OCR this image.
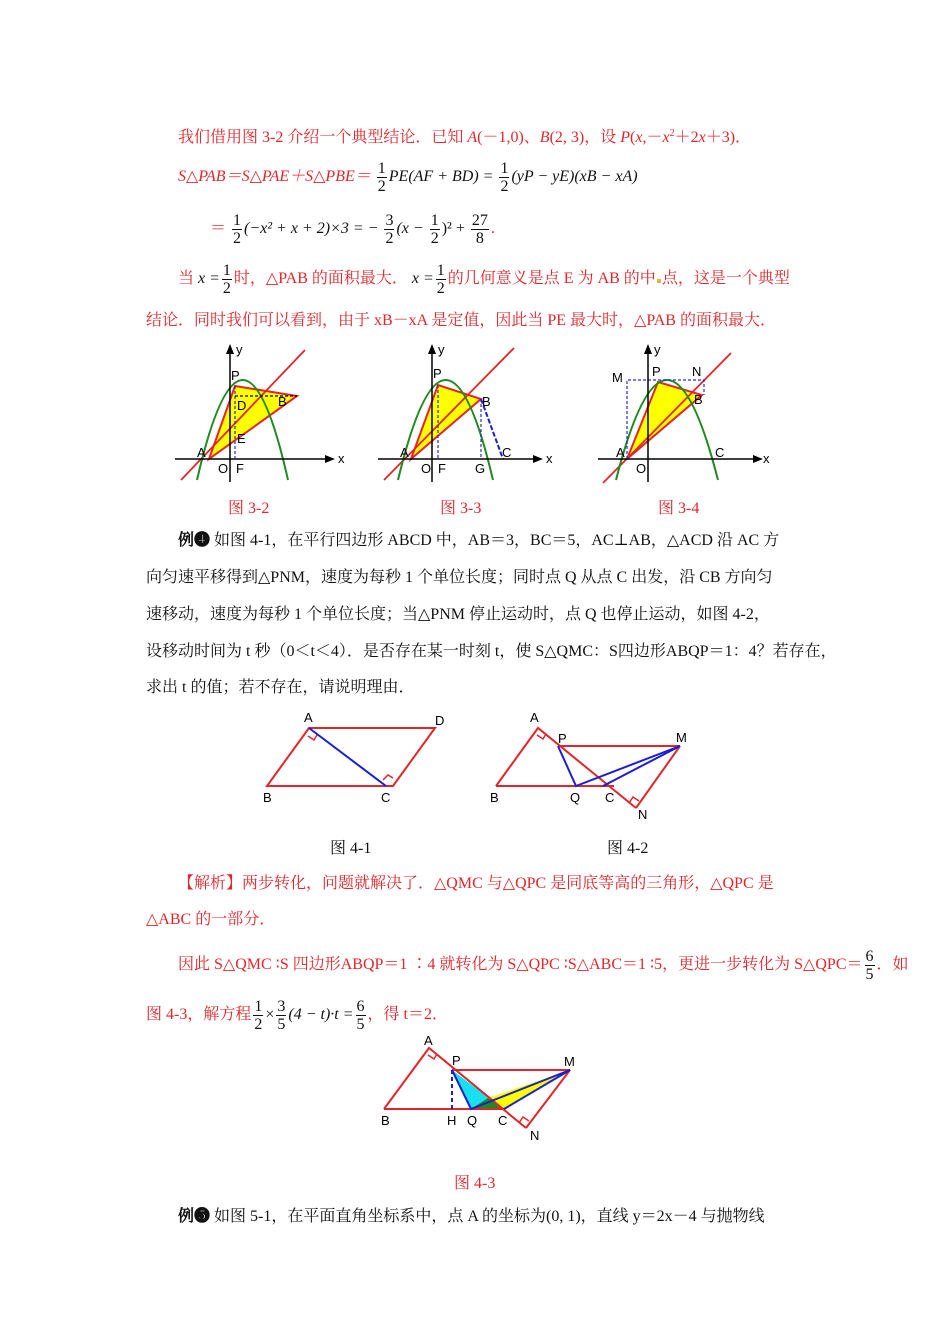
我们借用图 3-2 介绍一个典型结论．已知 A(－1,0)、B(2, 3)，设 $P(x,-x^2+2x+3)$．
S△PAB＝S△PAE＋S△PBE＝ $\frac{1}{2} PE(AF + BD) = \frac{1}{2} (yP - yE)(xB - xA)$
＝ $\frac{1}{2} (-x^2 + x + 2)\times 3$ = − $\frac{3}{2} (x - \frac{1}{2} )^2 + \frac{27}{8}$ .
当 $x = \frac{1}{2}$ 时，△PAB 的面积最大． $x = \frac{1}{2}$ 的几何意义是点 E 为 AB 的中 点，这是一个典型
结论．同时我们可以看到，由于 xB－xA 是定值，因此当 PE 最大时，△PAB 的面积最大．
y
P
D B
E
A
O F
x
图 3-2
y
P
B
A
O F G
C	x
图 3-3
y
M P N
B
A
O
C	x
图 3-4
例❹ 如图 4-1，在平行四边形 ABCD 中，AB＝3，BC＝5，AC⊥AB，△ACD 沿 AC 方
向匀速平移得到△PNM，速度为每秒 1 个单位长度；同时点 Q 从点 C 出发，沿 CB 方向匀
速移动，速度为每秒 1 个单位长度；当△PNM 停止运动时，点 Q 也停止运动，如图 4-2，
设移动时间为 t 秒（0＜t＜4）．是否存在某一时刻 t，使 S△QMC：S四边形ABQP＝1：4？若存在，
求出 t 的值；若不存在，请说明理由．
A	D
B	C
图 4-1
A
P	M
B	Q C
N
图 4-2
【解析】两步转化，问题就解决了．△QMC 与△QPC 是同底等高的三角形，△QPC 是
△ABC 的一部分．
因此 S△QMC ∶S 四边形ABQP＝1 ∶4 就转化为 S△QPC ∶S△ABC＝1 ∶5，更进一步转化为 S△QPC＝ $\frac{6}{5}$ ．如
图 4-3，解方程 $\frac{1}{2} \times \frac{3}{5} (4 - t)\cdot t = \frac{6}{5}$ ，得 t＝2．
A
P	M
B	H Q C
N
图 4-3
例❺ 如图 5-1，在平面直角坐标系中，点 A 的坐标为(0, 1)，直线 y＝2x－4 与抛物线
